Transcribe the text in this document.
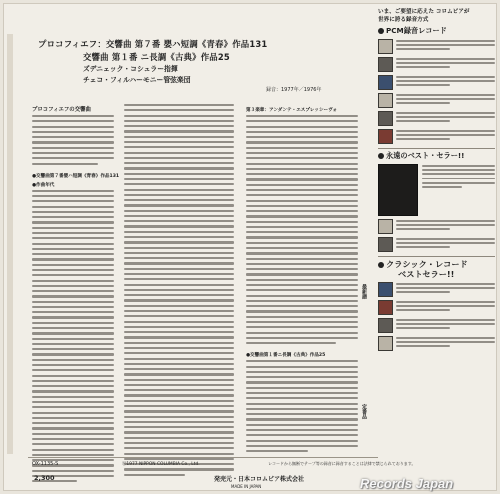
プロコフィエフ：交響曲 第７番 嬰ハ短調《青春》作品131
交響曲 第１番 ニ長調《古典》作品25
ズデニェック・コシュラー指揮
チェコ・フィルハーモニー管弦楽団
録音：1977年／1976年
プロコフィエフの交響曲
●交響曲第７番嬰ハ短調《青春》作品131
●作曲年代
第３楽章：アンダンテ・エスプレッシーヴォ
●交響曲第１番ニ長調《古典》作品25
いま、ご要望に応えた コロムビアが
世界に誇る録音方式
PCM録音レコード
永遠のベスト・セラー!!
クラシック・レコード
ベストセラー!!
最新譜
定番品
OX-1135-S	Ⓟ1977 NIPPON COLUMBIA Co., Ltd.	レコードから無断でテープ等の録音に録音することは法律で禁じられております。
2,300	発売元・日本コロムビア株式会社
MADE IN JAPAN	Records Japan
